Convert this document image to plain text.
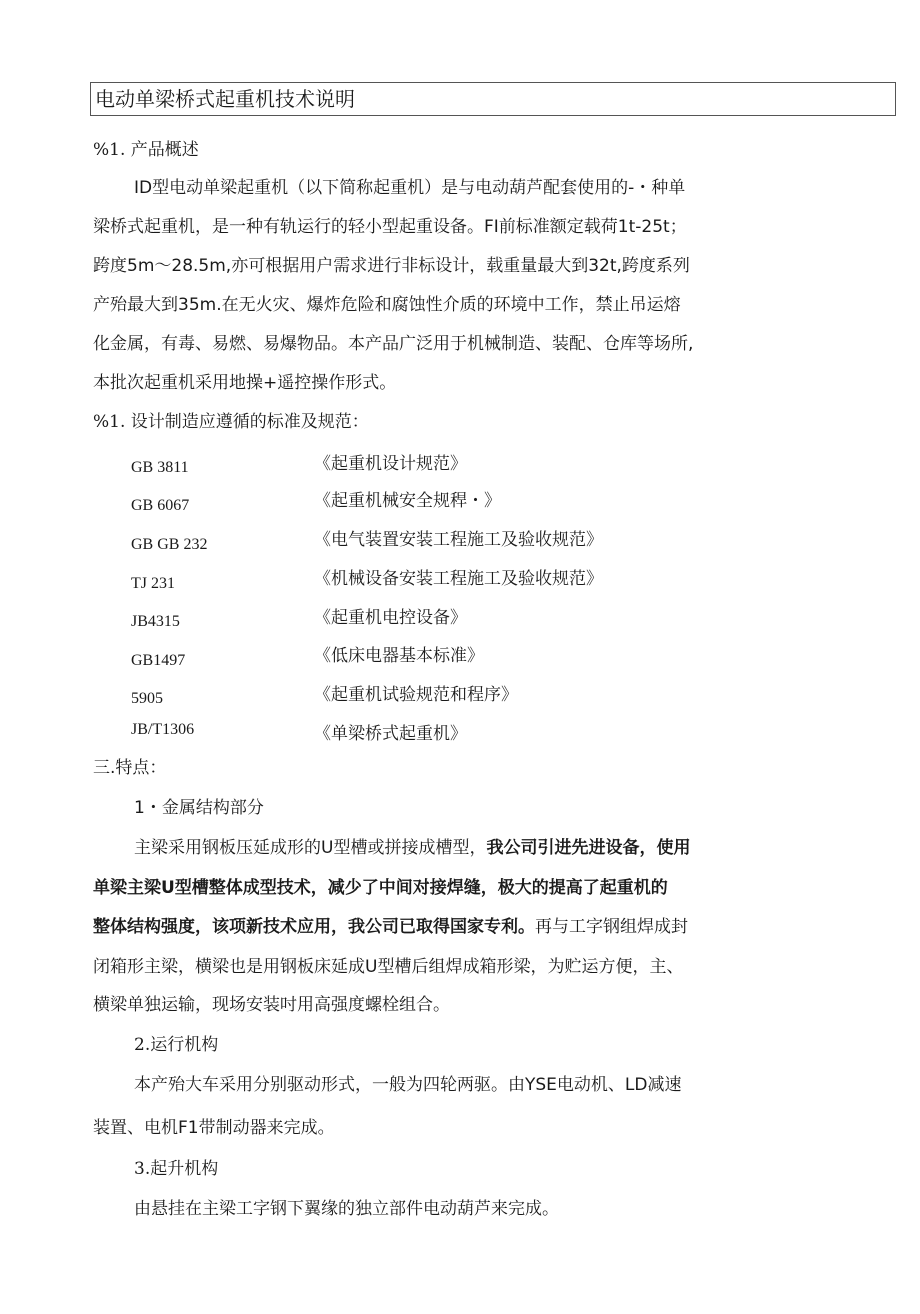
电动单梁桥式起重机技术说明
%1. 产品概述
ID型电动单梁起重机（以下简称起重机）是与电动葫芦配套使用的-・种单
梁桥式起重机，是一种有轨运行的轻小型起重设备。FI前标准额定载荷1t-25t；
跨度5m～28.5m,亦可根据用户需求进行非标设计，载重量最大到32t,跨度系列
产殆最大到35m.在无火灾、爆炸危险和腐蚀性介质的环境中工作，禁止吊运熔
化金属，有毒、易燃、易爆物品。本产品广泛用于机械制造、装配、仓库等场所,
本批次起重机采用地操+遥控操作形式。
%1. 设计制造应遵循的标准及规范：
GB 3811	《起重机设计规范》
GB 6067	《起重机械安全规稈・》
GB GB 232	《电气装置安装工程施工及验收规范》
TJ 231	《机械设备安装工程施工及验收规范》
JB4315	《起重机电控设备》
GB1497	《低床电器基本标准》
5905	《起重机试验规范和程序》
JB/T1306	《单梁桥式起重机》
三.特点：
1・金属结构部分
主梁采用钢板压延成形的U型槽或拼接成槽型，我公司引进先进设备，使用
单梁主梁U型槽整体成型技术，减少了中间对接焊缝，极大的提高了起重机的
整体结构强度，该项新技术应用，我公司已取得国家专利。再与工字钢组焊成封
闭箱形主梁，横梁也是用钢板床延成U型槽后组焊成箱形梁，为贮运方便，主、
横梁单独运输，现场安装吋用高强度螺栓组合。
2.运行机构
本产殆大车采用分别驱动形式，一般为四轮两驱。由YSE电动机、LD减速
装置、电机F1带制动器来完成。
3.起升机构
由悬挂在主梁工字钢下翼缘的独立部件电动葫芦来完成。
